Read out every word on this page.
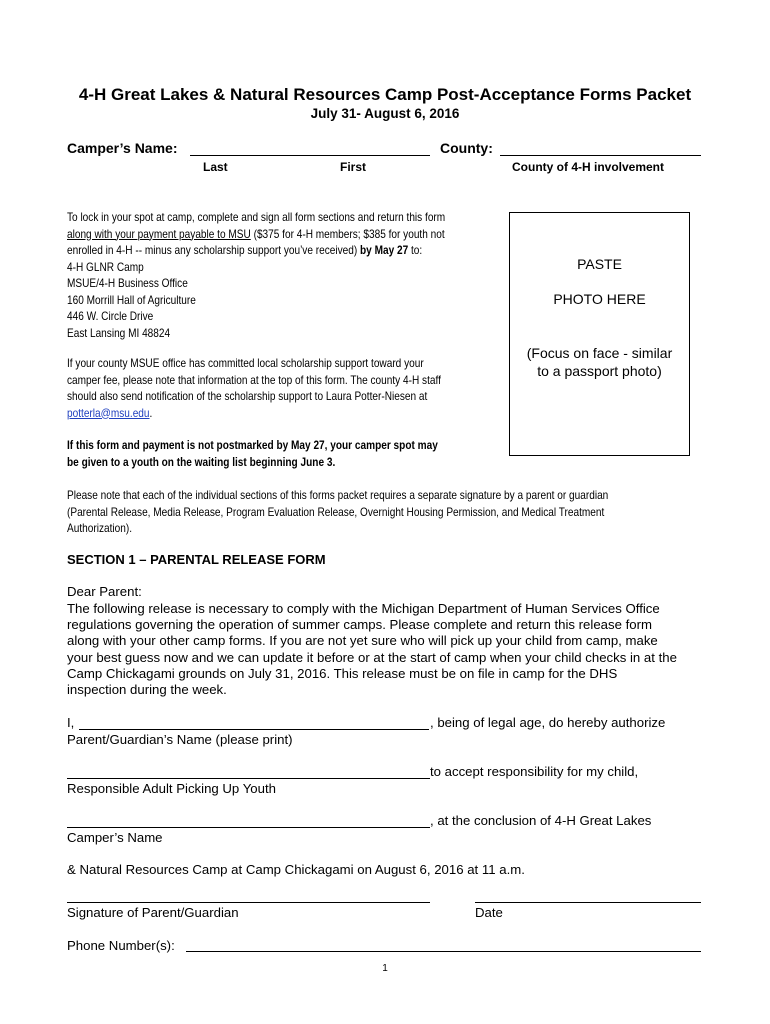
4-H Great Lakes & Natural Resources Camp Post-Acceptance Forms Packet
July 31- August 6, 2016
Camper’s Name:	County:
Last	First	County of 4-H involvement
To lock in your spot at camp, complete and sign all form sections and return this form
along with your payment payable to MSU ($375 for 4-H members; $385 for youth not
enrolled in 4-H -- minus any scholarship support you’ve received) by May 27 to:
4-H GLNR Camp
MSUE/4-H Business Office
160 Morrill Hall of Agriculture
446 W. Circle Drive
East Lansing MI 48824
If your county MSUE office has committed local scholarship support toward your
camper fee, please note that information at the top of this form. The county 4-H staff
should also send notification of the scholarship support to Laura Potter-Niesen at
potterla@msu.edu.
If this form and payment is not postmarked by May 27, your camper spot may
be given to a youth on the waiting list beginning June 3.
PASTE
PHOTO HERE
(Focus on face - similar
to a passport photo)
Please note that each of the individual sections of this forms packet requires a separate signature by a parent or guardian
(Parental Release, Media Release, Program Evaluation Release, Overnight Housing Permission, and Medical Treatment
Authorization).
SECTION 1 – PARENTAL RELEASE FORM
Dear Parent:
The following release is necessary to comply with the Michigan Department of Human Services Office
regulations governing the operation of summer camps. Please complete and return this release form
along with your other camp forms. If you are not yet sure who will pick up your child from camp, make
your best guess now and we can update it before or at the start of camp when your child checks in at the
Camp Chickagami grounds on July 31, 2016. This release must be on file in camp for the DHS
inspection during the week.
I,	, being of legal age, do hereby authorize
Parent/Guardian’s Name (please print)
to accept responsibility for my child,
Responsible Adult Picking Up Youth
, at the conclusion of 4-H Great Lakes
Camper’s Name
& Natural Resources Camp at Camp Chickagami on August 6, 2016 at 11 a.m.
Signature of Parent/Guardian	Date
Phone Number(s):
1
